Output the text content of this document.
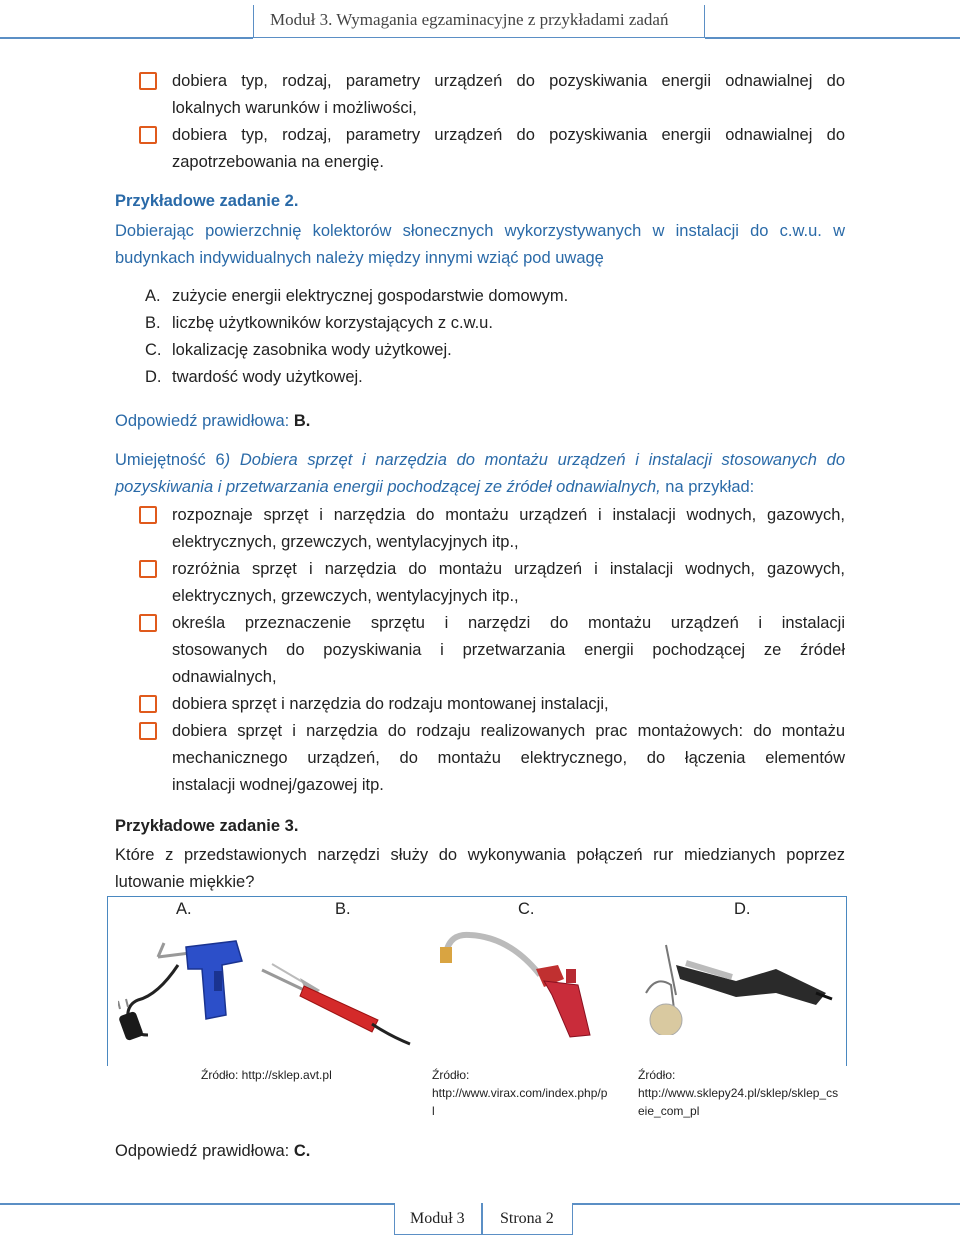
Moduł 3. Wymagania egzaminacyjne z przykładami zadań
dobiera typ, rodzaj, parametry urządzeń do pozyskiwania energii odnawialnej do
lokalnych warunków i możliwości,
dobiera typ, rodzaj, parametry urządzeń do pozyskiwania energii odnawialnej do
zapotrzebowania na energię.
Przykładowe zadanie 2.
Dobierając powierzchnię kolektorów słonecznych wykorzystywanych w instalacji do c.w.u. w
budynkach indywidualnych należy między innymi wziąć pod uwagę
A. zużycie energii elektrycznej gospodarstwie domowym.
B. liczbę użytkowników korzystających z c.w.u.
C. lokalizację zasobnika wody użytkowej.
D. twardość wody użytkowej.
Odpowiedź prawidłowa: B.
Umiejętność 6) Dobiera sprzęt i narzędzia do montażu urządzeń i instalacji stosowanych do
pozyskiwania i przetwarzania energii pochodzącej ze źródeł odnawialnych, na przykład:
rozpoznaje sprzęt i narzędzia do montażu urządzeń i instalacji wodnych, gazowych,
elektrycznych, grzewczych, wentylacyjnych itp.,
rozróżnia sprzęt i narzędzia do montażu urządzeń i instalacji wodnych, gazowych,
elektrycznych, grzewczych, wentylacyjnych itp.,
określa przeznaczenie sprzętu i narzędzi do montażu urządzeń i instalacji
stosowanych do pozyskiwania i przetwarzania energii pochodzącej ze źródeł
odnawialnych,
dobiera sprzęt i narzędzia do rodzaju montowanej instalacji,
dobiera sprzęt i narzędzia do rodzaju realizowanych prac montażowych: do montażu
mechanicznego urządzeń, do montażu elektrycznego, do łączenia elementów
instalacji wodnej/gazowej itp.
Przykładowe zadanie 3.
Które z przedstawionych narzędzi służy do wykonywania połączeń rur miedzianych poprzez
lutowanie miękkie?
A.	B.	C.	D.
Źródło: http://sklep.avt.pl	Źródło:
http://www.virax.com/index.php/p
l
Źródło:
http://www.sklepy24.pl/sklep/sklep_cs
eie_com_pl
Odpowiedź prawidłowa: C.
Moduł 3 Strona 2
